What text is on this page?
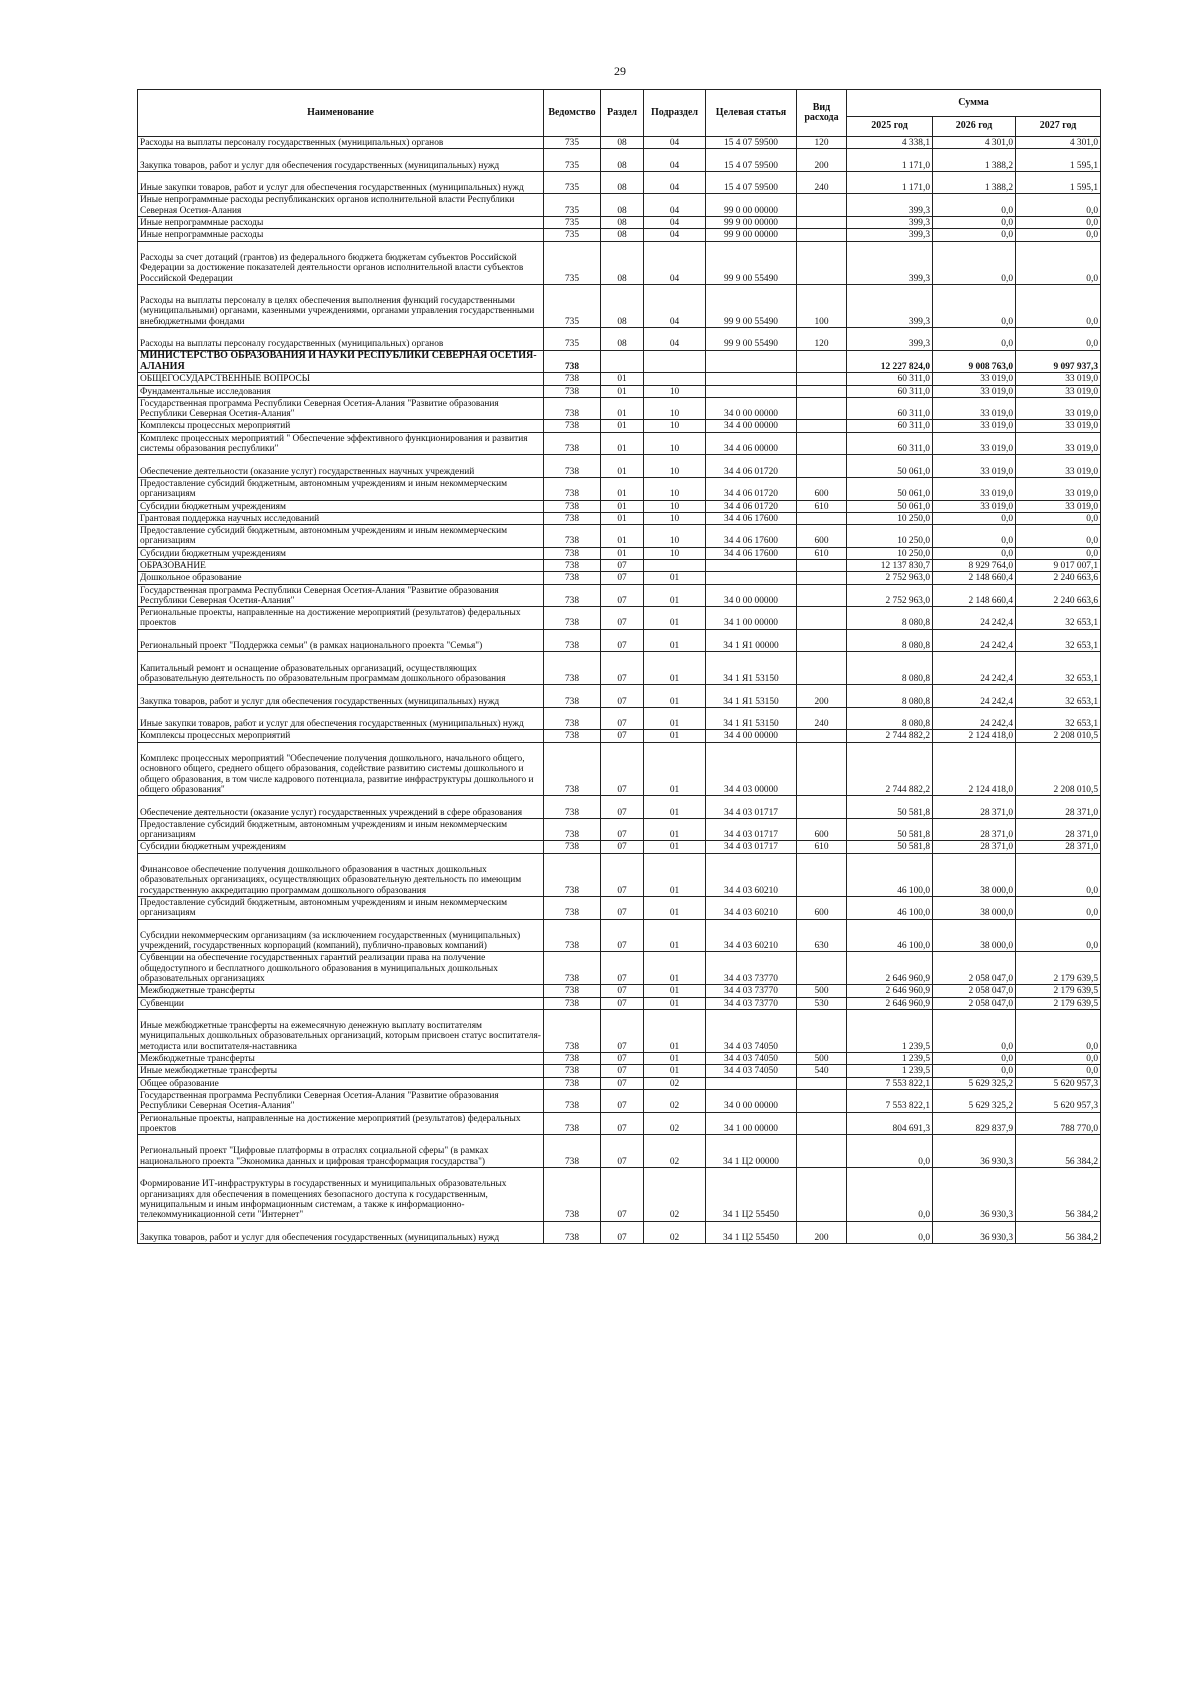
29
Наименование	Ведомство	Раздел	Подраздел	Целевая статья	Вид расхода	Сумма		
						2025 год	2026 год	2027 год
Расходы на выплаты персоналу государственных (муниципальных) органов	735	08	04	15 4 07 59500	120	4 338,1	4 301,0	4 301,0
Закупка товаров, работ и услуг для обеспечения государственных (муниципальных) нужд	735	08	04	15 4 07 59500	200	1 171,0	1 388,2	1 595,1
Иные закупки товаров, работ и услуг для обеспечения государственных (муниципальных) нужд	735	08	04	15 4 07 59500	240	1 171,0	1 388,2	1 595,1
Иные непрограммные расходы республиканских органов исполнительной власти Республики Северная Осетия-Алания	735	08	04	99 0 00 00000		399,3	0,0	0,0
Иные непрограммные расходы	735	08	04	99 9 00 00000		399,3	0,0	0,0
Иные непрограммные расходы	735	08	04	99 9 00 00000		399,3	0,0	0,0
Расходы за счет дотаций (грантов) из федерального бюджета бюджетам субъектов Российской Федерации за достижение показателей деятельности органов исполнительной власти субъектов Российской Федерации	735	08	04	99 9 00 55490		399,3	0,0	0,0
Расходы на выплаты персоналу в целях обеспечения выполнения функций государственными (муниципальными) органами, казенными учреждениями, органами управления государственными внебюджетными фондами	735	08	04	99 9 00 55490	100	399,3	0,0	0,0
Расходы на выплаты персоналу государственных (муниципальных) органов	735	08	04	99 9 00 55490	120	399,3	0,0	0,0
МИНИСТЕРСТВО ОБРАЗОВАНИЯ И НАУКИ РЕСПУБЛИКИ СЕВЕРНАЯ ОСЕТИЯ-АЛАНИЯ	738					12 227 824,0	9 008 763,0	9 097 937,3
ОБЩЕГОСУДАРСТВЕННЫЕ ВОПРОСЫ	738	01				60 311,0	33 019,0	33 019,0
Фундаментальные исследования	738	01	10			60 311,0	33 019,0	33 019,0
Государственная программа Республики Северная Осетия-Алания "Развитие образования Республики Северная Осетия-Алания"	738	01	10	34 0 00 00000		60 311,0	33 019,0	33 019,0
Комплексы процессных мероприятий	738	01	10	34 4 00 00000		60 311,0	33 019,0	33 019,0
Комплекс процессных мероприятий " Обеспечение эффективного функционирования и развития системы образования республики"	738	01	10	34 4 06 00000		60 311,0	33 019,0	33 019,0
Обеспечение деятельности (оказание услуг) государственных научных учреждений	738	01	10	34 4 06 01720		50 061,0	33 019,0	33 019,0
Предоставление субсидий бюджетным, автономным учреждениям и иным некоммерческим организациям	738	01	10	34 4 06 01720	600	50 061,0	33 019,0	33 019,0
Субсидии бюджетным учреждениям	738	01	10	34 4 06 01720	610	50 061,0	33 019,0	33 019,0
Грантовая поддержка научных исследований	738	01	10	34 4 06 17600		10 250,0	0,0	0,0
Предоставление субсидий бюджетным, автономным учреждениям и иным некоммерческим организациям	738	01	10	34 4 06 17600	600	10 250,0	0,0	0,0
Субсидии бюджетным учреждениям	738	01	10	34 4 06 17600	610	10 250,0	0,0	0,0
ОБРАЗОВАНИЕ	738	07				12 137 830,7	8 929 764,0	9 017 007,1
Дошкольное образование	738	07	01			2 752 963,0	2 148 660,4	2 240 663,6
Государственная программа Республики Северная Осетия-Алания "Развитие образования Республики Северная Осетия-Алания"	738	07	01	34 0 00 00000		2 752 963,0	2 148 660,4	2 240 663,6
Региональные проекты, направленные на достижение мероприятий (результатов) федеральных проектов	738	07	01	34 1 00 00000		8 080,8	24 242,4	32 653,1
Региональный проект "Поддержка семьи" (в рамках национального проекта "Семья")	738	07	01	34 1 Я1 00000		8 080,8	24 242,4	32 653,1
Капитальный ремонт и оснащение образовательных организаций, осуществляющих образовательную деятельность по образовательным программам дошкольного образования	738	07	01	34 1 Я1 53150		8 080,8	24 242,4	32 653,1
Закупка товаров, работ и услуг для обеспечения государственных (муниципальных) нужд	738	07	01	34 1 Я1 53150	200	8 080,8	24 242,4	32 653,1
Иные закупки товаров, работ и услуг для обеспечения государственных (муниципальных) нужд	738	07	01	34 1 Я1 53150	240	8 080,8	24 242,4	32 653,1
Комплексы процессных мероприятий	738	07	01	34 4 00 00000		2 744 882,2	2 124 418,0	2 208 010,5
Комплекс процессных мероприятий "Обеспечение получения дошкольного, начального общего, основного общего, среднего общего образования, содействие развитию системы дошкольного и общего образования, в том числе кадрового потенциала, развитие инфраструктуры дошкольного и общего образования"	738	07	01	34 4 03 00000		2 744 882,2	2 124 418,0	2 208 010,5
Обеспечение деятельности (оказание услуг) государственных учреждений в сфере образования	738	07	01	34 4 03 01717		50 581,8	28 371,0	28 371,0
Предоставление субсидий бюджетным, автономным учреждениям и иным некоммерческим организациям	738	07	01	34 4 03 01717	600	50 581,8	28 371,0	28 371,0
Субсидии бюджетным учреждениям	738	07	01	34 4 03 01717	610	50 581,8	28 371,0	28 371,0
Финансовое обеспечение получения дошкольного образования в частных дошкольных образовательных организациях, осуществляющих образовательную деятельность по имеющим государственную аккредитацию программам дошкольного образования	738	07	01	34 4 03 60210		46 100,0	38 000,0	0,0
Предоставление субсидий бюджетным, автономным учреждениям и иным некоммерческим организациям	738	07	01	34 4 03 60210	600	46 100,0	38 000,0	0,0
Субсидии некоммерческим организациям (за исключением государственных (муниципальных) учреждений, государственных корпораций (компаний), публично-правовых компаний)	738	07	01	34 4 03 60210	630	46 100,0	38 000,0	0,0
Субвенции на обеспечение государственных гарантий реализации права на получение общедоступного и бесплатного дошкольного образования в муниципальных дошкольных образовательных организациях	738	07	01	34 4 03 73770		2 646 960,9	2 058 047,0	2 179 639,5
Межбюджетные трансферты	738	07	01	34 4 03 73770	500	2 646 960,9	2 058 047,0	2 179 639,5
Субвенции	738	07	01	34 4 03 73770	530	2 646 960,9	2 058 047,0	2 179 639,5
Иные межбюджетные трансферты на ежемесячную денежную выплату воспитателям муниципальных дошкольных образовательных организаций, которым присвоен статус воспитателя-методиста или воспитателя-наставника	738	07	01	34 4 03 74050		1 239,5	0,0	0,0
Межбюджетные трансферты	738	07	01	34 4 03 74050	500	1 239,5	0,0	0,0
Иные межбюджетные трансферты	738	07	01	34 4 03 74050	540	1 239,5	0,0	0,0
Общее образование	738	07	02			7 553 822,1	5 629 325,2	5 620 957,3
Государственная программа Республики Северная Осетия-Алания "Развитие образования Республики Северная Осетия-Алания"	738	07	02	34 0 00 00000		7 553 822,1	5 629 325,2	5 620 957,3
Региональные проекты, направленные на достижение мероприятий (результатов) федеральных проектов	738	07	02	34 1 00 00000		804 691,3	829 837,9	788 770,0
Региональный проект "Цифровые платформы в отраслях социальной сферы" (в рамках национального проекта "Экономика данных и цифровая трансформация государства")	738	07	02	34 1 Ц2 00000		0,0	36 930,3	56 384,2
Формирование ИТ-инфраструктуры в государственных и муниципальных образовательных организациях для обеспечения в помещениях безопасного доступа к государственным, муниципальным и иным информационным системам, а также к информационно-телекоммуникационной сети "Интернет"	738	07	02	34 1 Ц2 55450		0,0	36 930,3	56 384,2
Закупка товаров, работ и услуг для обеспечения государственных (муниципальных) нужд	738	07	02	34 1 Ц2 55450	200	0,0	36 930,3	56 384,2
